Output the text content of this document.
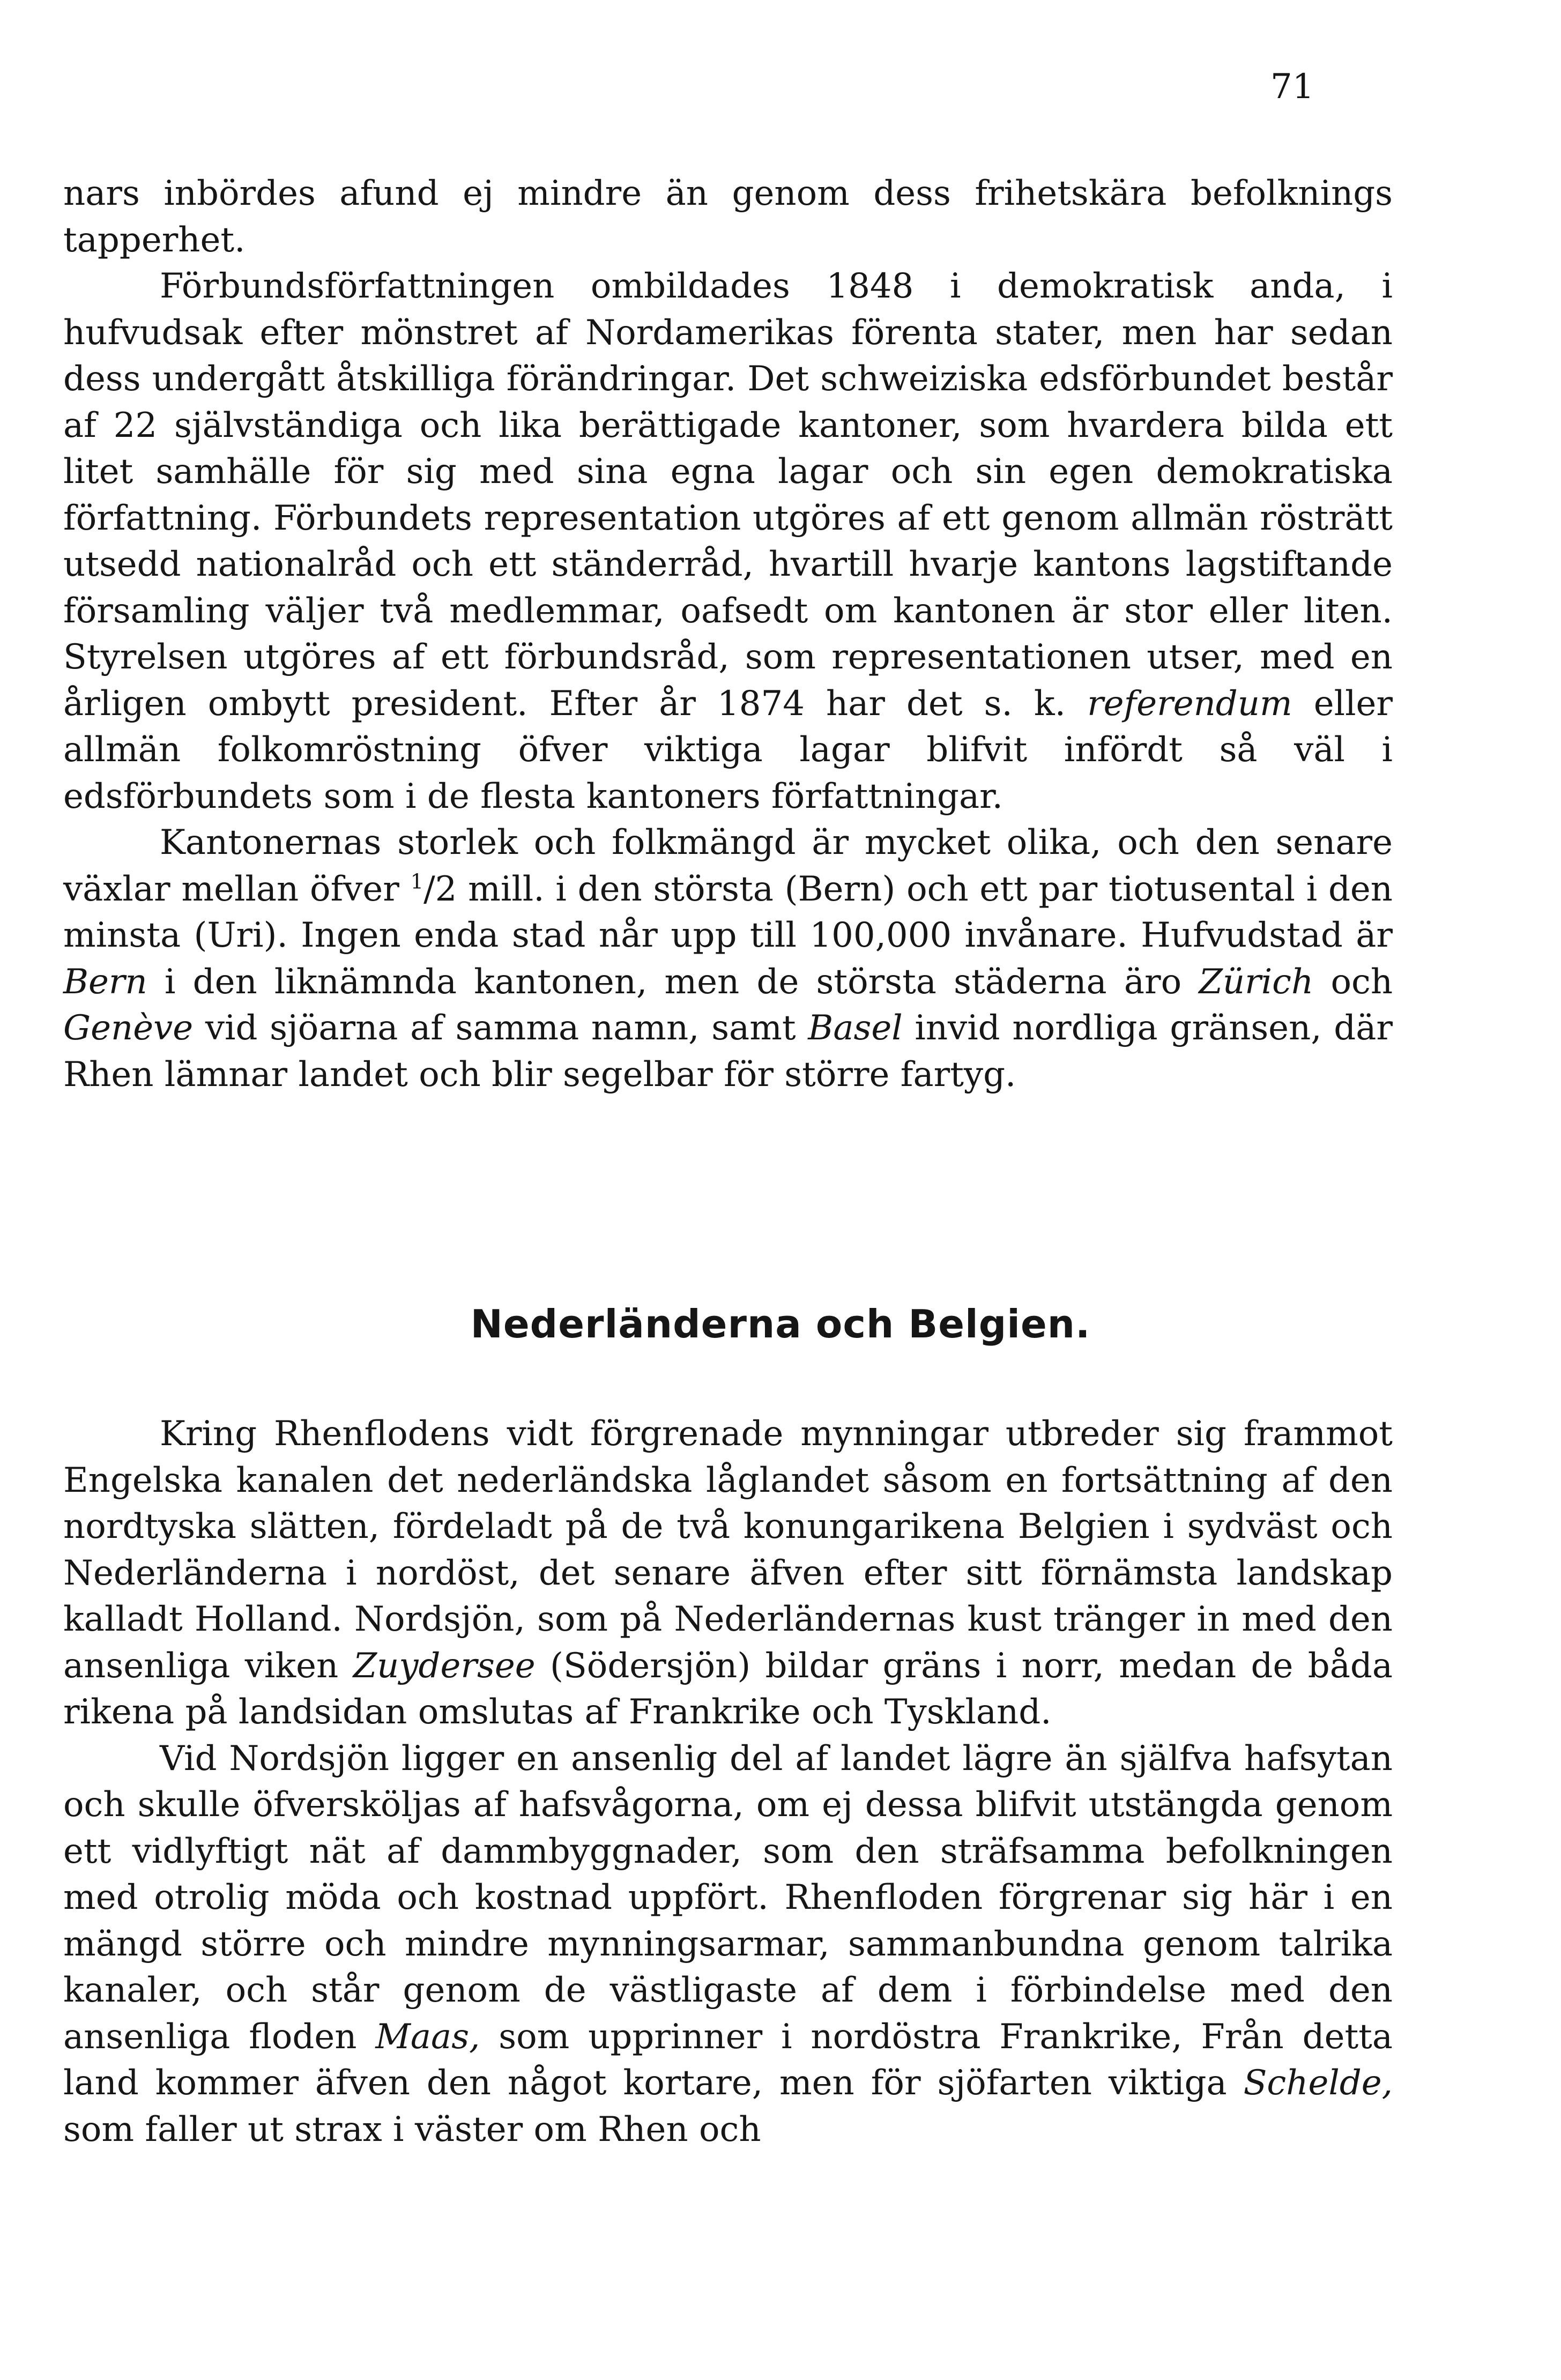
71

nars inbördes afund ej mindre än genom dess frihetskära befolknings tapperhet.

Förbundsförfattningen ombildades 1848 i demokratisk anda, i hufvudsak efter mönstret af Nordamerikas förenta stater, men har sedan dess undergått åtskilliga förändringar. Det schweiziska edsförbundet består af 22 självständiga och lika berättigade kantoner, som hvardera bilda ett litet samhälle för sig med sina egna lagar och sin egen demokratiska författning. Förbundets representation utgöres af ett genom allmän rösträtt utsedd nationalråd och ett ständerråd, hvartill hvarje kantons lagstiftande församling väljer två medlemmar, oafsedt om kantonen är stor eller liten. Styrelsen utgöres af ett förbundsråd, som representationen utser, med en årligen ombytt president. Efter år 1874 har det s. k. referendum eller allmän folkomröstning öfver viktiga lagar blifvit infördt så väl i edsförbundets som i de flesta kantoners författningar.

Kantonernas storlek och folkmängd är mycket olika, och den senare växlar mellan öfver $^1$/2 mill. i den största (Bern) och ett par tiotusental i den minsta (Uri). Ingen enda stad når upp till 100,000 invånare. Hufvudstad är Bern i den liknämnda kantonen, men de största städerna äro Zürich och Genève vid sjöarna af samma namn, samt Basel invid nordliga gränsen, där Rhen lämnar landet och blir segelbar för större fartyg.

Nederländerna och Belgien.

Kring Rhenflodens vidt förgrenade mynningar utbreder sig frammot Engelska kanalen det nederländska låglandet såsom en fortsättning af den nordtyska slätten, fördeladt på de två konungarikena Belgien i sydväst och Nederländerna i nordöst, det senare äfven efter sitt förnämsta landskap kalladt Holland. Nordsjön, som på Nederländernas kust tränger in med den ansenliga viken Zuydersee (Södersjön) bildar gräns i norr, medan de båda rikena på landsidan omslutas af Frankrike och Tyskland.

Vid Nordsjön ligger en ansenlig del af landet lägre än själfva hafsytan och skulle öfversköljas af hafsvågorna, om ej dessa blifvit utstängda genom ett vidlyftigt nät af dammbyggnader, som den sträfsamma befolkningen med otrolig möda och kostnad uppfört. Rhenfloden förgrenar sig här i en mängd större och mindre mynningsarmar, sammanbundna genom talrika kanaler, och står genom de västligaste af dem i förbindelse med den ansenliga floden Maas, som upprinner i nordöstra Frankrike, Från detta land kommer äfven den något kortare, men för sjöfarten viktiga Schelde, som faller ut strax i väster om Rhen och
